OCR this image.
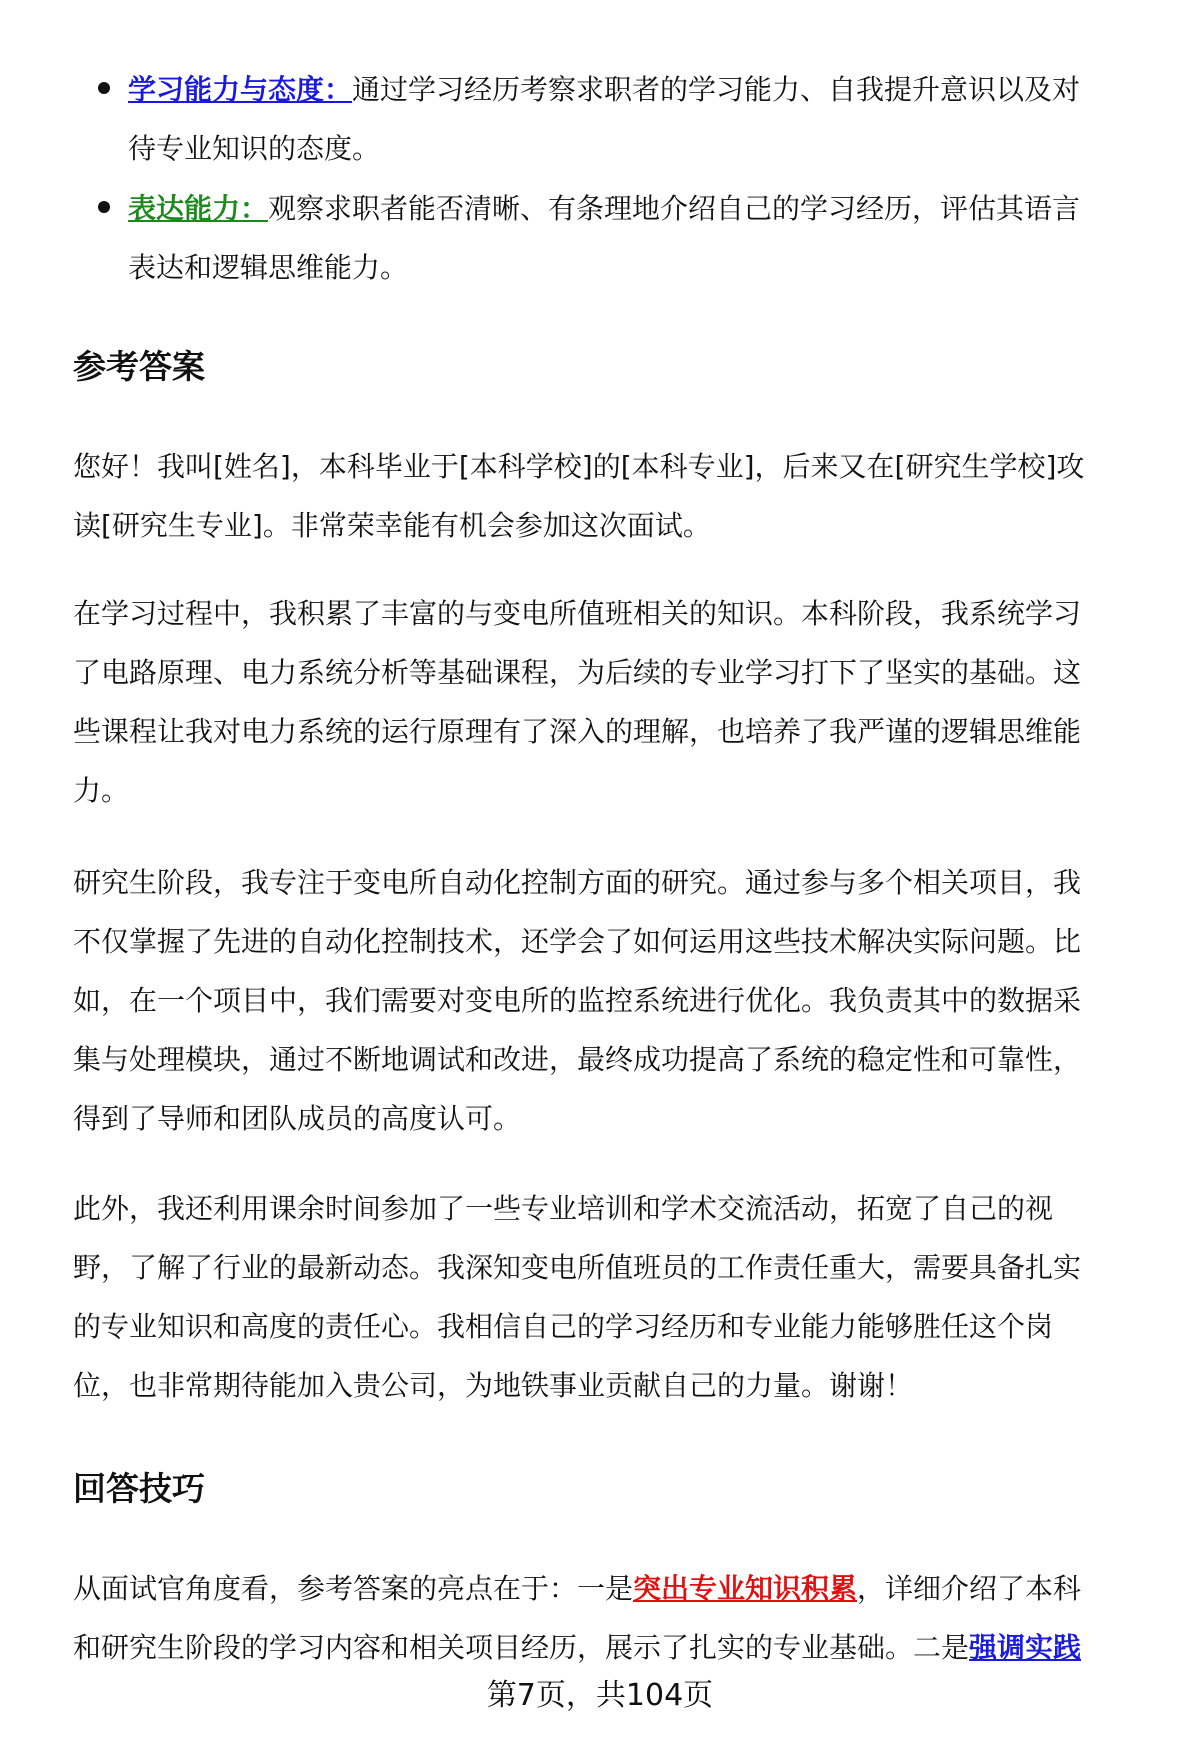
学习能力与态度：通过学习经历考察求职者的学习能力、自我提升意识以及对
待专业知识的态度。
表达能力：观察求职者能否清晰、有条理地介绍自己的学习经历，评估其语言
表达和逻辑思维能力。
参考答案
您好！我叫[姓名]，本科毕业于[本科学校]的[本科专业]，后来又在[研究生学校]攻
读[研究生专业]。非常荣幸能有机会参加这次面试。
在学习过程中，我积累了丰富的与变电所值班相关的知识。本科阶段，我系统学习
了电路原理、电力系统分析等基础课程，为后续的专业学习打下了坚实的基础。这
些课程让我对电力系统的运行原理有了深入的理解，也培养了我严谨的逻辑思维能
力。
研究生阶段，我专注于变电所自动化控制方面的研究。通过参与多个相关项目，我
不仅掌握了先进的自动化控制技术，还学会了如何运用这些技术解决实际问题。比
如，在一个项目中，我们需要对变电所的监控系统进行优化。我负责其中的数据采
集与处理模块，通过不断地调试和改进，最终成功提高了系统的稳定性和可靠性，
得到了导师和团队成员的高度认可。
此外，我还利用课余时间参加了一些专业培训和学术交流活动，拓宽了自己的视
野，了解了行业的最新动态。我深知变电所值班员的工作责任重大，需要具备扎实
的专业知识和高度的责任心。我相信自己的学习经历和专业能力能够胜任这个岗
位，也非常期待能加入贵公司，为地铁事业贡献自己的力量。谢谢！
回答技巧
从面试官角度看，参考答案的亮点在于：一是突出专业知识积累，详细介绍了本科
和研究生阶段的学习内容和相关项目经历，展示了扎实的专业基础。二是强调实践
第7页，共104页
